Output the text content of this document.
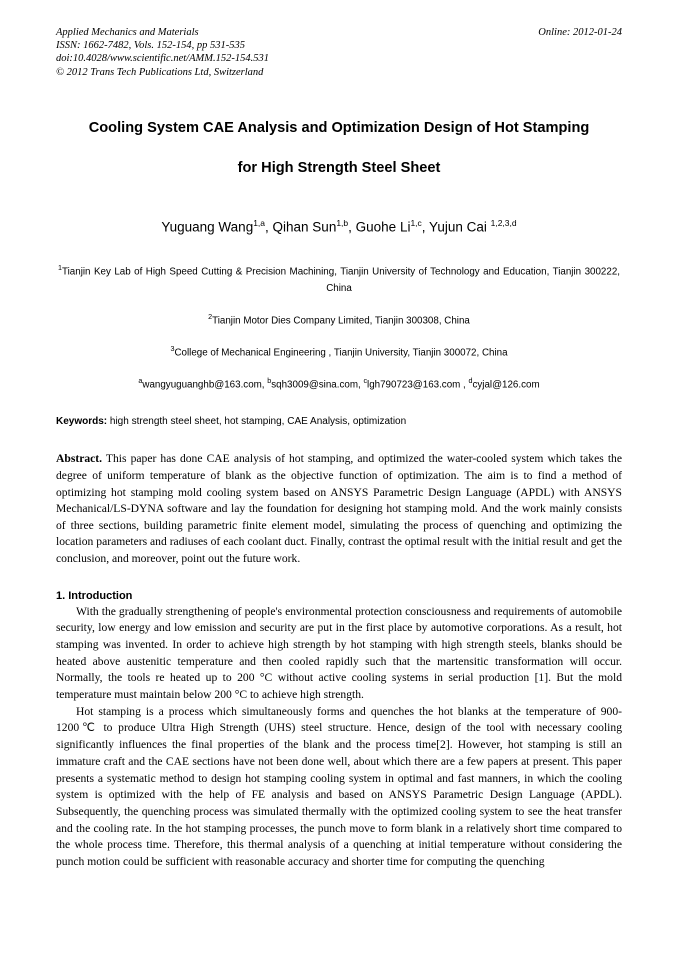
Online: 2012-01-24
Applied Mechanics and Materials
ISSN: 1662-7482, Vols. 152-154, pp 531-535
doi:10.4028/www.scientific.net/AMM.152-154.531
© 2012 Trans Tech Publications Ltd, Switzerland
Cooling System CAE Analysis and Optimization Design of Hot Stamping
for High Strength Steel Sheet
Yuguang Wang$^{1,a}$, Qihan Sun$^{1,b}$, Guohe Li$^{1,c}$, Yujun Cai $^{1,2,3,d}$
$^1$Tianjin Key Lab of High Speed Cutting & Precision Machining, Tianjin University of Technology and Education, Tianjin 300222, China
$^2$Tianjin Motor Dies Company Limited, Tianjin 300308, China
$^3$College of Mechanical Engineering , Tianjin University, Tianjin 300072, China
$^a$wangyuguanghb@163.com, $^b$sqh3009@sina.com, $^c$lgh790723@163.com , $^d$cyjal@126.com
Keywords: high strength steel sheet, hot stamping, CAE Analysis, optimization
Abstract. This paper has done CAE analysis of hot stamping, and optimized the water-cooled system which takes the degree of uniform temperature of blank as the objective function of optimization. The aim is to find a method of optimizing hot stamping mold cooling system based on ANSYS Parametric Design Language (APDL) with ANSYS Mechanical/LS-DYNA software and lay the foundation for designing hot stamping mold. And the work mainly consists of three sections, building parametric finite element model, simulating the process of quenching and optimizing the location parameters and radiuses of each coolant duct. Finally, contrast the optimal result with the initial result and get the conclusion, and moreover, point out the future work.
1. Introduction

With the gradually strengthening of people's environmental protection consciousness and requirements of automobile security, low energy and low emission and security are put in the first place by automotive corporations. As a result, hot stamping was invented. In order to achieve high strength by hot stamping with high strength steels, blanks should be heated above austenitic temperature and then cooled rapidly such that the martensitic transformation will occur. Normally, the tools re heated up to 200 °C without active cooling systems in serial production [1]. But the mold temperature must maintain below 200 °C to achieve high strength.

Hot stamping is a process which simultaneously forms and quenches the hot blanks at the temperature of 900-1200℃ to produce Ultra High Strength (UHS) steel structure. Hence, design of the tool with necessary cooling significantly influences the final properties of the blank and the process time[2]. However, hot stamping is still an immature craft and the CAE sections have not been done well, about which there are a few papers at present. This paper presents a systematic method to design hot stamping cooling system in optimal and fast manners, in which the cooling system is optimized with the help of FE analysis and based on ANSYS Parametric Design Language (APDL). Subsequently, the quenching process was simulated thermally with the optimized cooling system to see the heat transfer and the cooling rate. In the hot stamping processes, the punch move to form blank in a relatively short time compared to the whole process time. Therefore, this thermal analysis of a quenching at initial temperature without considering the punch motion could be sufficient with reasonable accuracy and shorter time for computing the quenching
